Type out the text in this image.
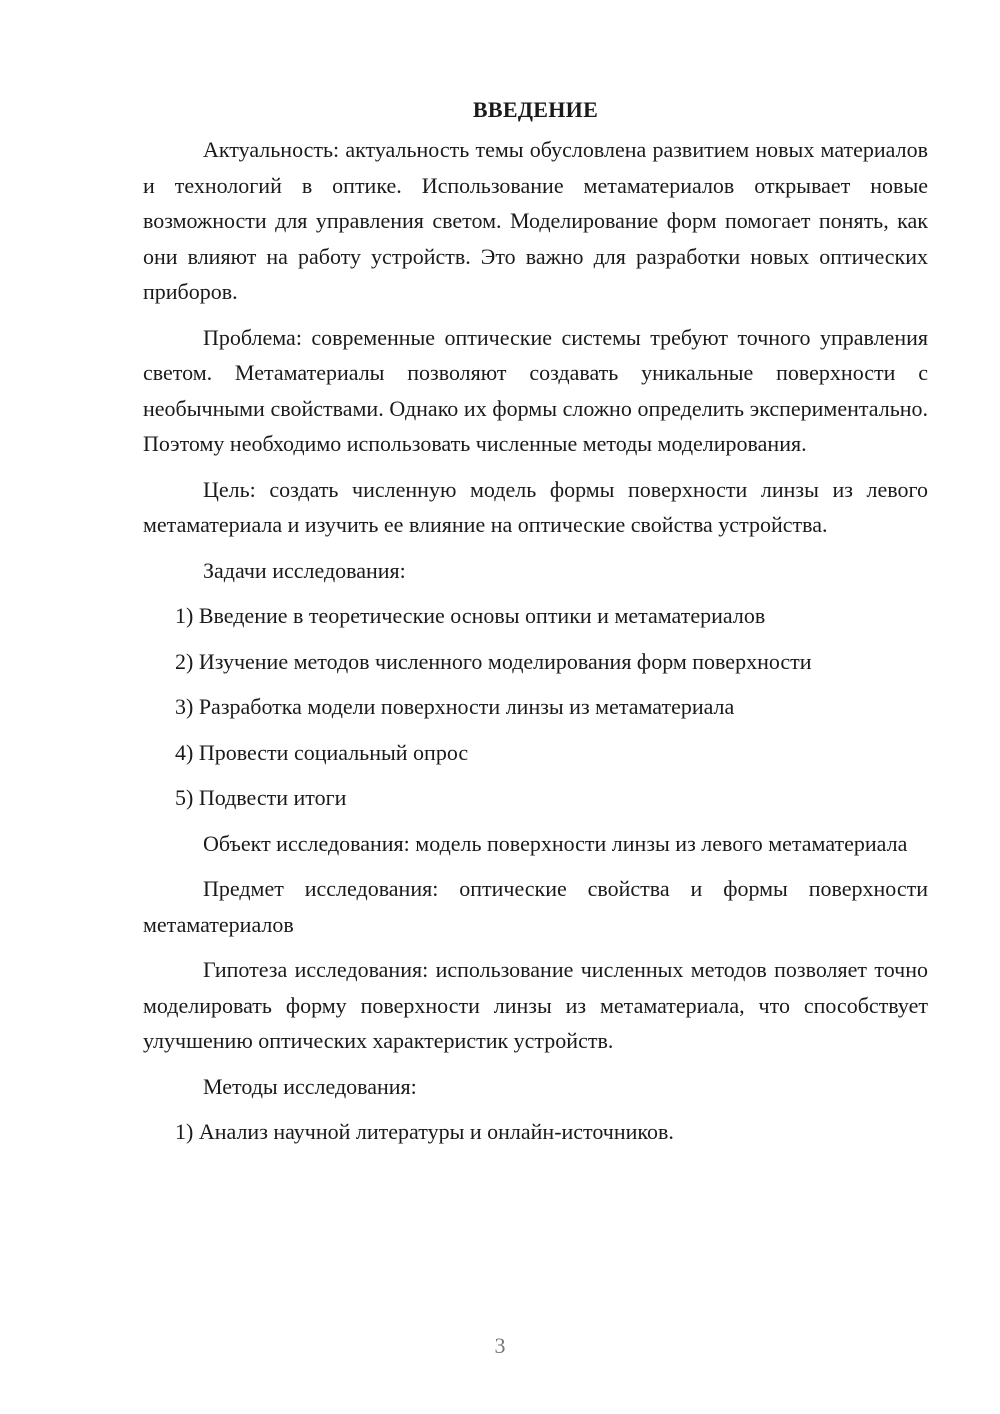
ВВЕДЕНИЕ

Актуальность: актуальность темы обусловлена развитием новых материалов и технологий в оптике. Использование метаматериалов открывает новые возможности для управления светом. Моделирование форм помогает понять, как они влияют на работу устройств. Это важно для разработки новых оптических приборов.

Проблема: современные оптические системы требуют точного управления светом. Метаматериалы позволяют создавать уникальные поверхности с необычными свойствами. Однако их формы сложно определить экспериментально. Поэтому необходимо использовать численные методы моделирования.

Цель: создать численную модель формы поверхности линзы из левого метаматериала и изучить ее влияние на оптические свойства устройства.

Задачи исследования:

1) Введение в теоретические основы оптики и метаматериалов
2) Изучение методов численного моделирования форм поверхности
3) Разработка модели поверхности линзы из метаматериала
4) Провести социальный опрос
5) Подвести итоги

Объект исследования: модель поверхности линзы из левого метаматериала

Предмет исследования: оптические свойства и формы поверхности метаматериалов

Гипотеза исследования: использование численных методов позволяет точно моделировать форму поверхности линзы из метаматериала, что способствует улучшению оптических характеристик устройств.

Методы исследования:

1) Анализ научной литературы и онлайн-источников.
3
